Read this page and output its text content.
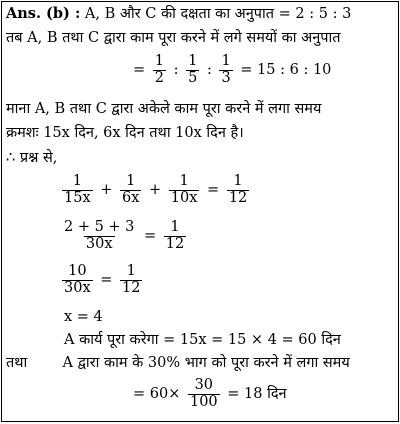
Ans. (b) : A, B और C की दक्षता का अनुपात = 2 : 5 : 3
तब A, B तथा C द्वारा काम पूरा करने में लगे समयों का अनुपात
= $\frac{1}{2}$ : $\frac{1}{5}$ : $\frac{1}{3} = 15$ : 6 : 10
माना A, B तथा C द्वारा अकेले काम पूरा करने में लगा समय
क्रमशः 15x दिन, 6x दिन तथा 10x दिन है।
∴ प्रश्न से,
$\frac{1}{15x} + \frac{1}{6x} + \frac{1}{10x} = \frac{1}{12}$
$\frac{2 + 5 + 3}{30x} = \frac{1}{12}$
$\frac{10}{30x} = \frac{1}{12}$
x = 4
A कार्य पूरा करेगा = 15x = 15 × 4 = 60 दिन
तथा A द्वारा काम के 30% भाग को पूरा करने में लगा समय
= $60\times \frac{30}{100} = 18$ दिन
